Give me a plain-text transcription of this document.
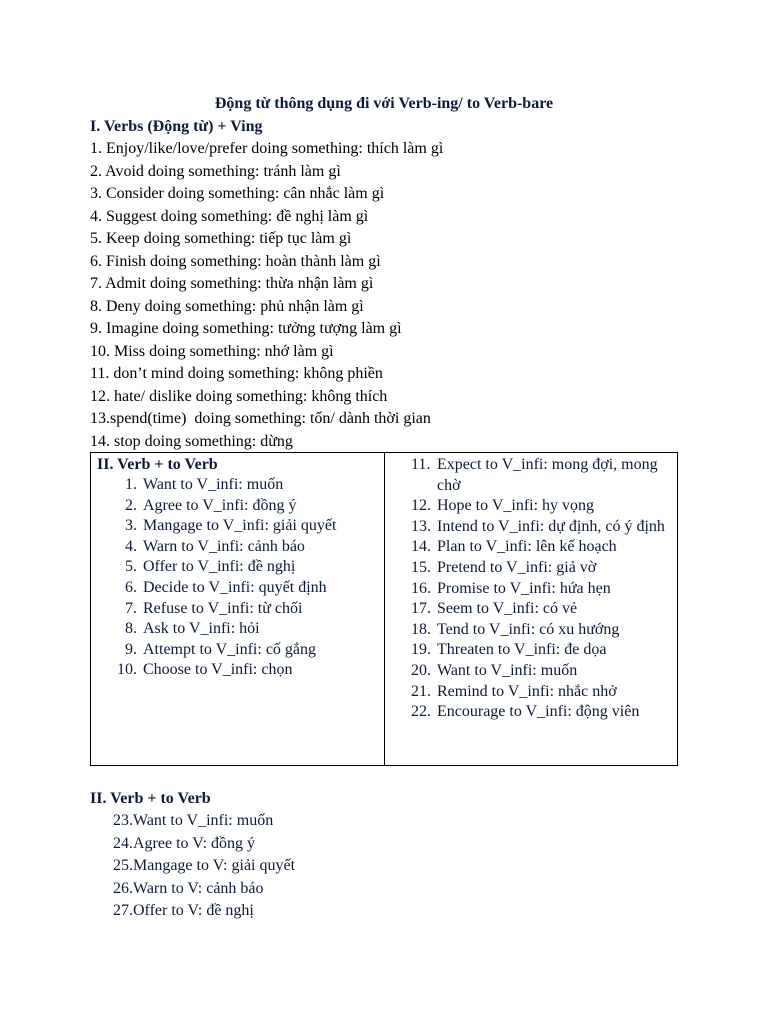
Động từ thông dụng đi với Verb-ing/ to Verb-bare
I. Verbs (Động từ) + Ving
1. Enjoy/like/love/prefer doing something: thích làm gì
2. Avoid doing something: tránh làm gì
3. Consider doing something: cân nhắc làm gì
4. Suggest doing something: đề nghị làm gì
5. Keep doing something: tiếp tục làm gì
6. Finish doing something: hoàn thành làm gì
7. Admit doing something: thừa nhận làm gì
8. Deny doing something: phủ nhận làm gì
9. Imagine doing something: tưởng tượng làm gì
10. Miss doing something: nhớ làm gì
11. don’t mind doing something: không phiền
12. hate/ dislike doing something: không thích
13.spend(time)  doing something: tốn/ dành thời gian
14. stop doing something: dừng
II. Verb + to Verb
1. Want to V_infi: muốn
2. Agree to V_infi: đồng ý
3. Mangage to V_infi: giải quyết
4. Warn to V_infi: cảnh báo
5. Offer to V_infi: đề nghị
6. Decide to V_infi: quyết định
7. Refuse to V_infi: từ chối
8. Ask to V_infi: hỏi
9. Attempt to V_infi: cố gắng
10. Choose to V_infi: chọn
11. Expect to V_infi: mong đợi, mong chờ
12. Hope to V_infi: hy vọng
13. Intend to V_infi: dự định, có ý định
14. Plan to V_infi: lên kế hoạch
15. Pretend to V_infi: giả vờ
16. Promise to V_infi: hứa hẹn
17. Seem to V_infi: có vẻ
18. Tend to V_infi: có xu hướng
19. Threaten to V_infi: đe dọa
20. Want to V_infi: muốn
21. Remind to V_infi: nhắc nhở
22. Encourage to V_infi: động viên
II. Verb + to Verb
23.Want to V_infi: muốn
24.Agree to V: đồng ý
25.Mangage to V: giải quyết
26.Warn to V: cảnh báo
27.Offer to V: đề nghị
